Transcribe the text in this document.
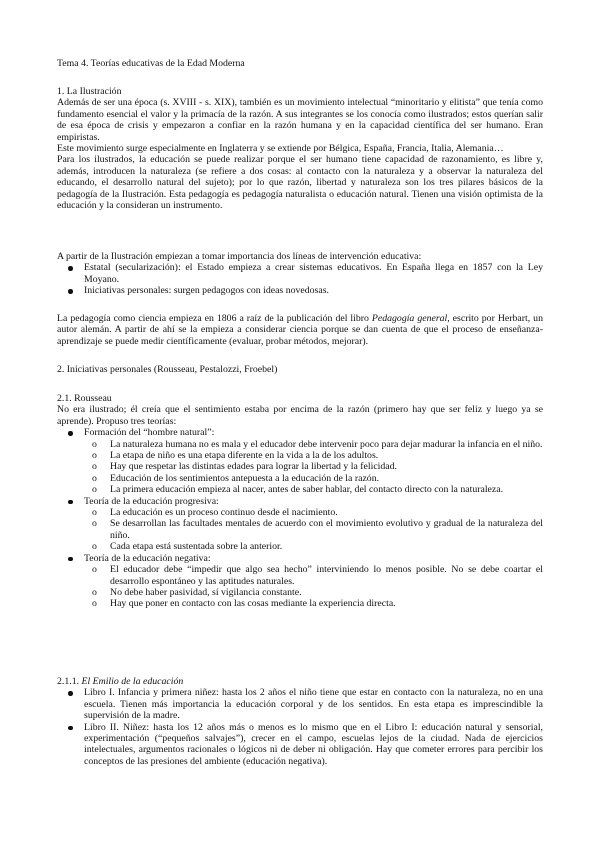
Tema 4. Teorías educativas de la Edad Moderna

1. La Ilustración

Además de ser una época (s. XVIII - s. XIX), también es un movimiento intelectual “minoritario y elitista” que tenía como fundamento esencial el valor y la primacía de la razón. A sus integrantes se los conocía como ilustrados; estos querían salir de esa época de crisis y empezaron a confiar en la razón humana y en la capacidad científica del ser humano. Eran empiristas.

Este movimiento surge especialmente en Inglaterra y se extiende por Bélgica, España, Francia, Italia, Alemania…

Para los ilustrados, la educación se puede realizar porque el ser humano tiene capacidad de razonamiento, es libre y, además, introducen la naturaleza (se refiere a dos cosas: al contacto con la naturaleza y a observar la naturaleza del educando, el desarrollo natural del sujeto); por lo que razón, libertad y naturaleza son los tres pilares básicos de la pedagogía de la Ilustración. Esta pedagogía es pedagogía naturalista o educación natural. Tienen una visión optimista de la educación y la consideran un instrumento.

A partir de la Ilustración empiezan a tomar importancia dos líneas de intervención educativa:

Estatal (secularización): el Estado empieza a crear sistemas educativos. En España llega en 1857 con la Ley Moyano.

Iniciativas personales: surgen pedagogos con ideas novedosas.

La pedagogía como ciencia empieza en 1806 a raíz de la publicación del libro Pedagogía general, escrito por Herbart, un autor alemán. A partir de ahí se la empieza a considerar ciencia porque se dan cuenta de que el proceso de enseñanza-aprendizaje se puede medir científicamente (evaluar, probar métodos, mejorar).

2. Iniciativas personales (Rousseau, Pestalozzi, Froebel)

2.1. Rousseau

No era ilustrado; él creía que el sentimiento estaba por encima de la razón (primero hay que ser feliz y luego ya se aprende). Propuso tres teorías:

Formación del “hombre natural”:

o La naturaleza humana no es mala y el educador debe intervenir poco para dejar madurar la infancia en el niño.

o La etapa de niño es una etapa diferente en la vida a la de los adultos.

o Hay que respetar las distintas edades para lograr la libertad y la felicidad.

o Educación de los sentimientos antepuesta a la educación de la razón.

o La primera educación empieza al nacer, antes de saber hablar, del contacto directo con la naturaleza.

Teoría de la educación progresiva:

o La educación es un proceso continuo desde el nacimiento.

o Se desarrollan las facultades mentales de acuerdo con el movimiento evolutivo y gradual de la naturaleza del niño.

o Cada etapa está sustentada sobre la anterior.

Teoría de la educación negativa:

o El educador debe “impedir que algo sea hecho” interviniendo lo menos posible. No se debe coartar el desarrollo espontáneo y las aptitudes naturales.

o No debe haber pasividad, sí vigilancia constante.

o Hay que poner en contacto con las cosas mediante la experiencia directa.

2.1.1. El Emilio de la educación

Libro I. Infancia y primera niñez: hasta los 2 años el niño tiene que estar en contacto con la naturaleza, no en una escuela. Tienen más importancia la educación corporal y de los sentidos. En esta etapa es imprescindible la supervisión de la madre.

Libro II. Niñez: hasta los 12 años más o menos es lo mismo que en el Libro I: educación natural y sensorial, experimentación (“pequeños salvajes”), crecer en el campo, escuelas lejos de la ciudad. Nada de ejercicios intelectuales, argumentos racionales o lógicos ni de deber ni obligación. Hay que cometer errores para percibir los conceptos de las presiones del ambiente (educación negativa).
